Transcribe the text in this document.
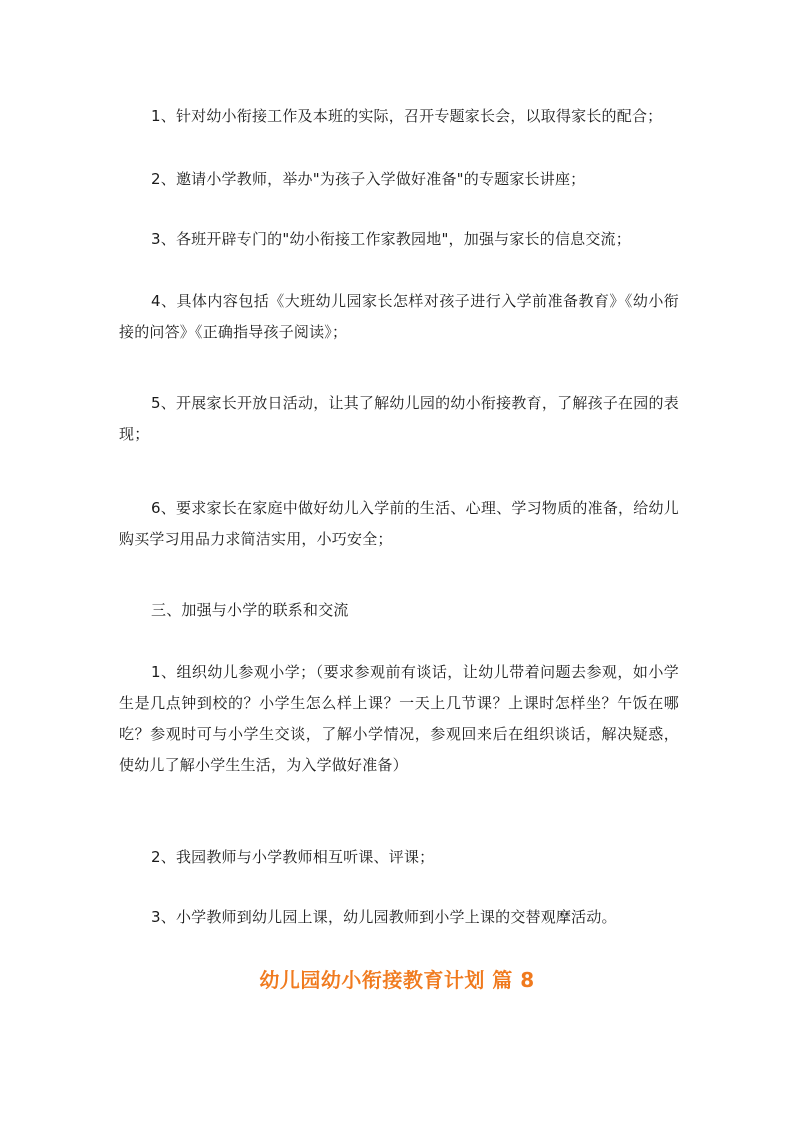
1、针对幼小衔接工作及本班的实际，召开专题家长会，以取得家长的配合；

2、邀请小学教师，举办"为孩子入学做好准备"的专题家长讲座；

3、各班开辟专门的"幼小衔接工作家教园地"，加强与家长的信息交流；

4、具体内容包括《大班幼儿园家长怎样对孩子进行入学前准备教育》《幼小衔接的问答》《正确指导孩子阅读》；

5、开展家长开放日活动，让其了解幼儿园的幼小衔接教育，了解孩子在园的表现；

6、要求家长在家庭中做好幼儿入学前的生活、心理、学习物质的准备，给幼儿购买学习用品力求简洁实用，小巧安全；

三、加强与小学的联系和交流

1、组织幼儿参观小学；（要求参观前有谈话，让幼儿带着问题去参观，如小学生是几点钟到校的？小学生怎么样上课？一天上几节课？上课时怎样坐？午饭在哪吃？参观时可与小学生交谈，了解小学情况，参观回来后在组织谈话，解决疑惑，使幼儿了解小学生生活，为入学做好准备）

2、我园教师与小学教师相互听课、评课；

3、小学教师到幼儿园上课，幼儿园教师到小学上课的交替观摩活动。

幼儿园幼小衔接教育计划 篇 8
